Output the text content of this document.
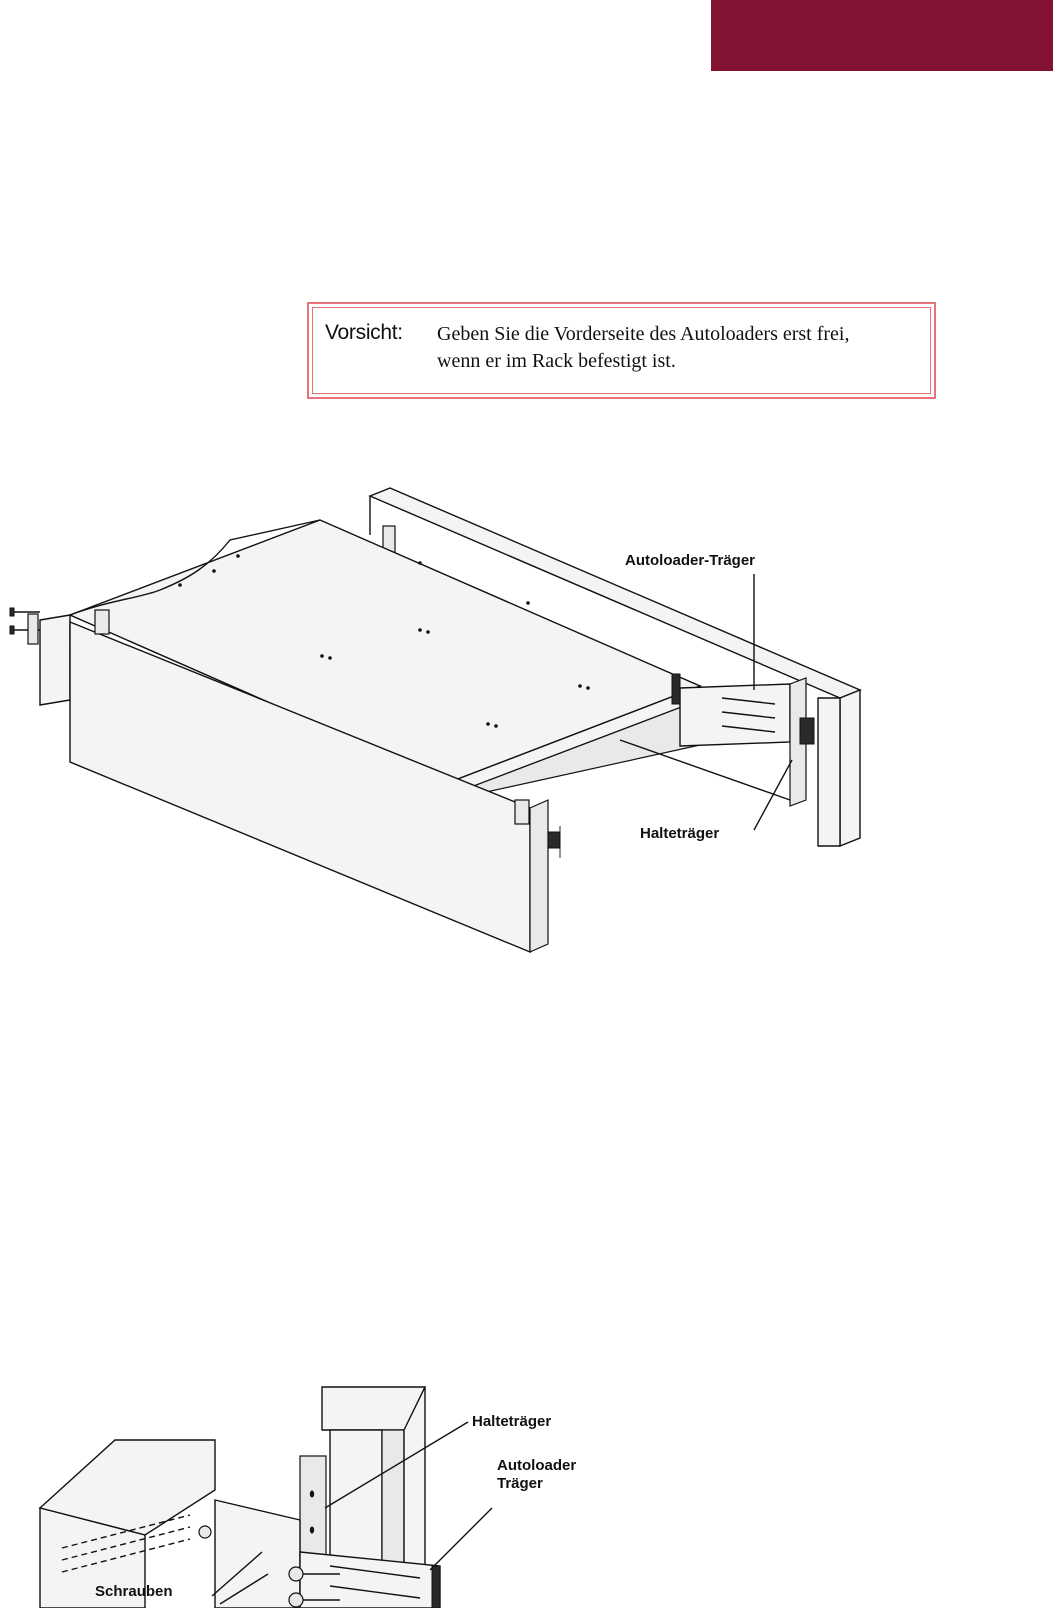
Vorsicht: Geben Sie die Vorderseite des Autoloaders erst frei,
wenn er im Rack befestigt ist.
Autoloader-Träger
Halteträger
Halteträger
Autoloader
Träger
Schrauben
